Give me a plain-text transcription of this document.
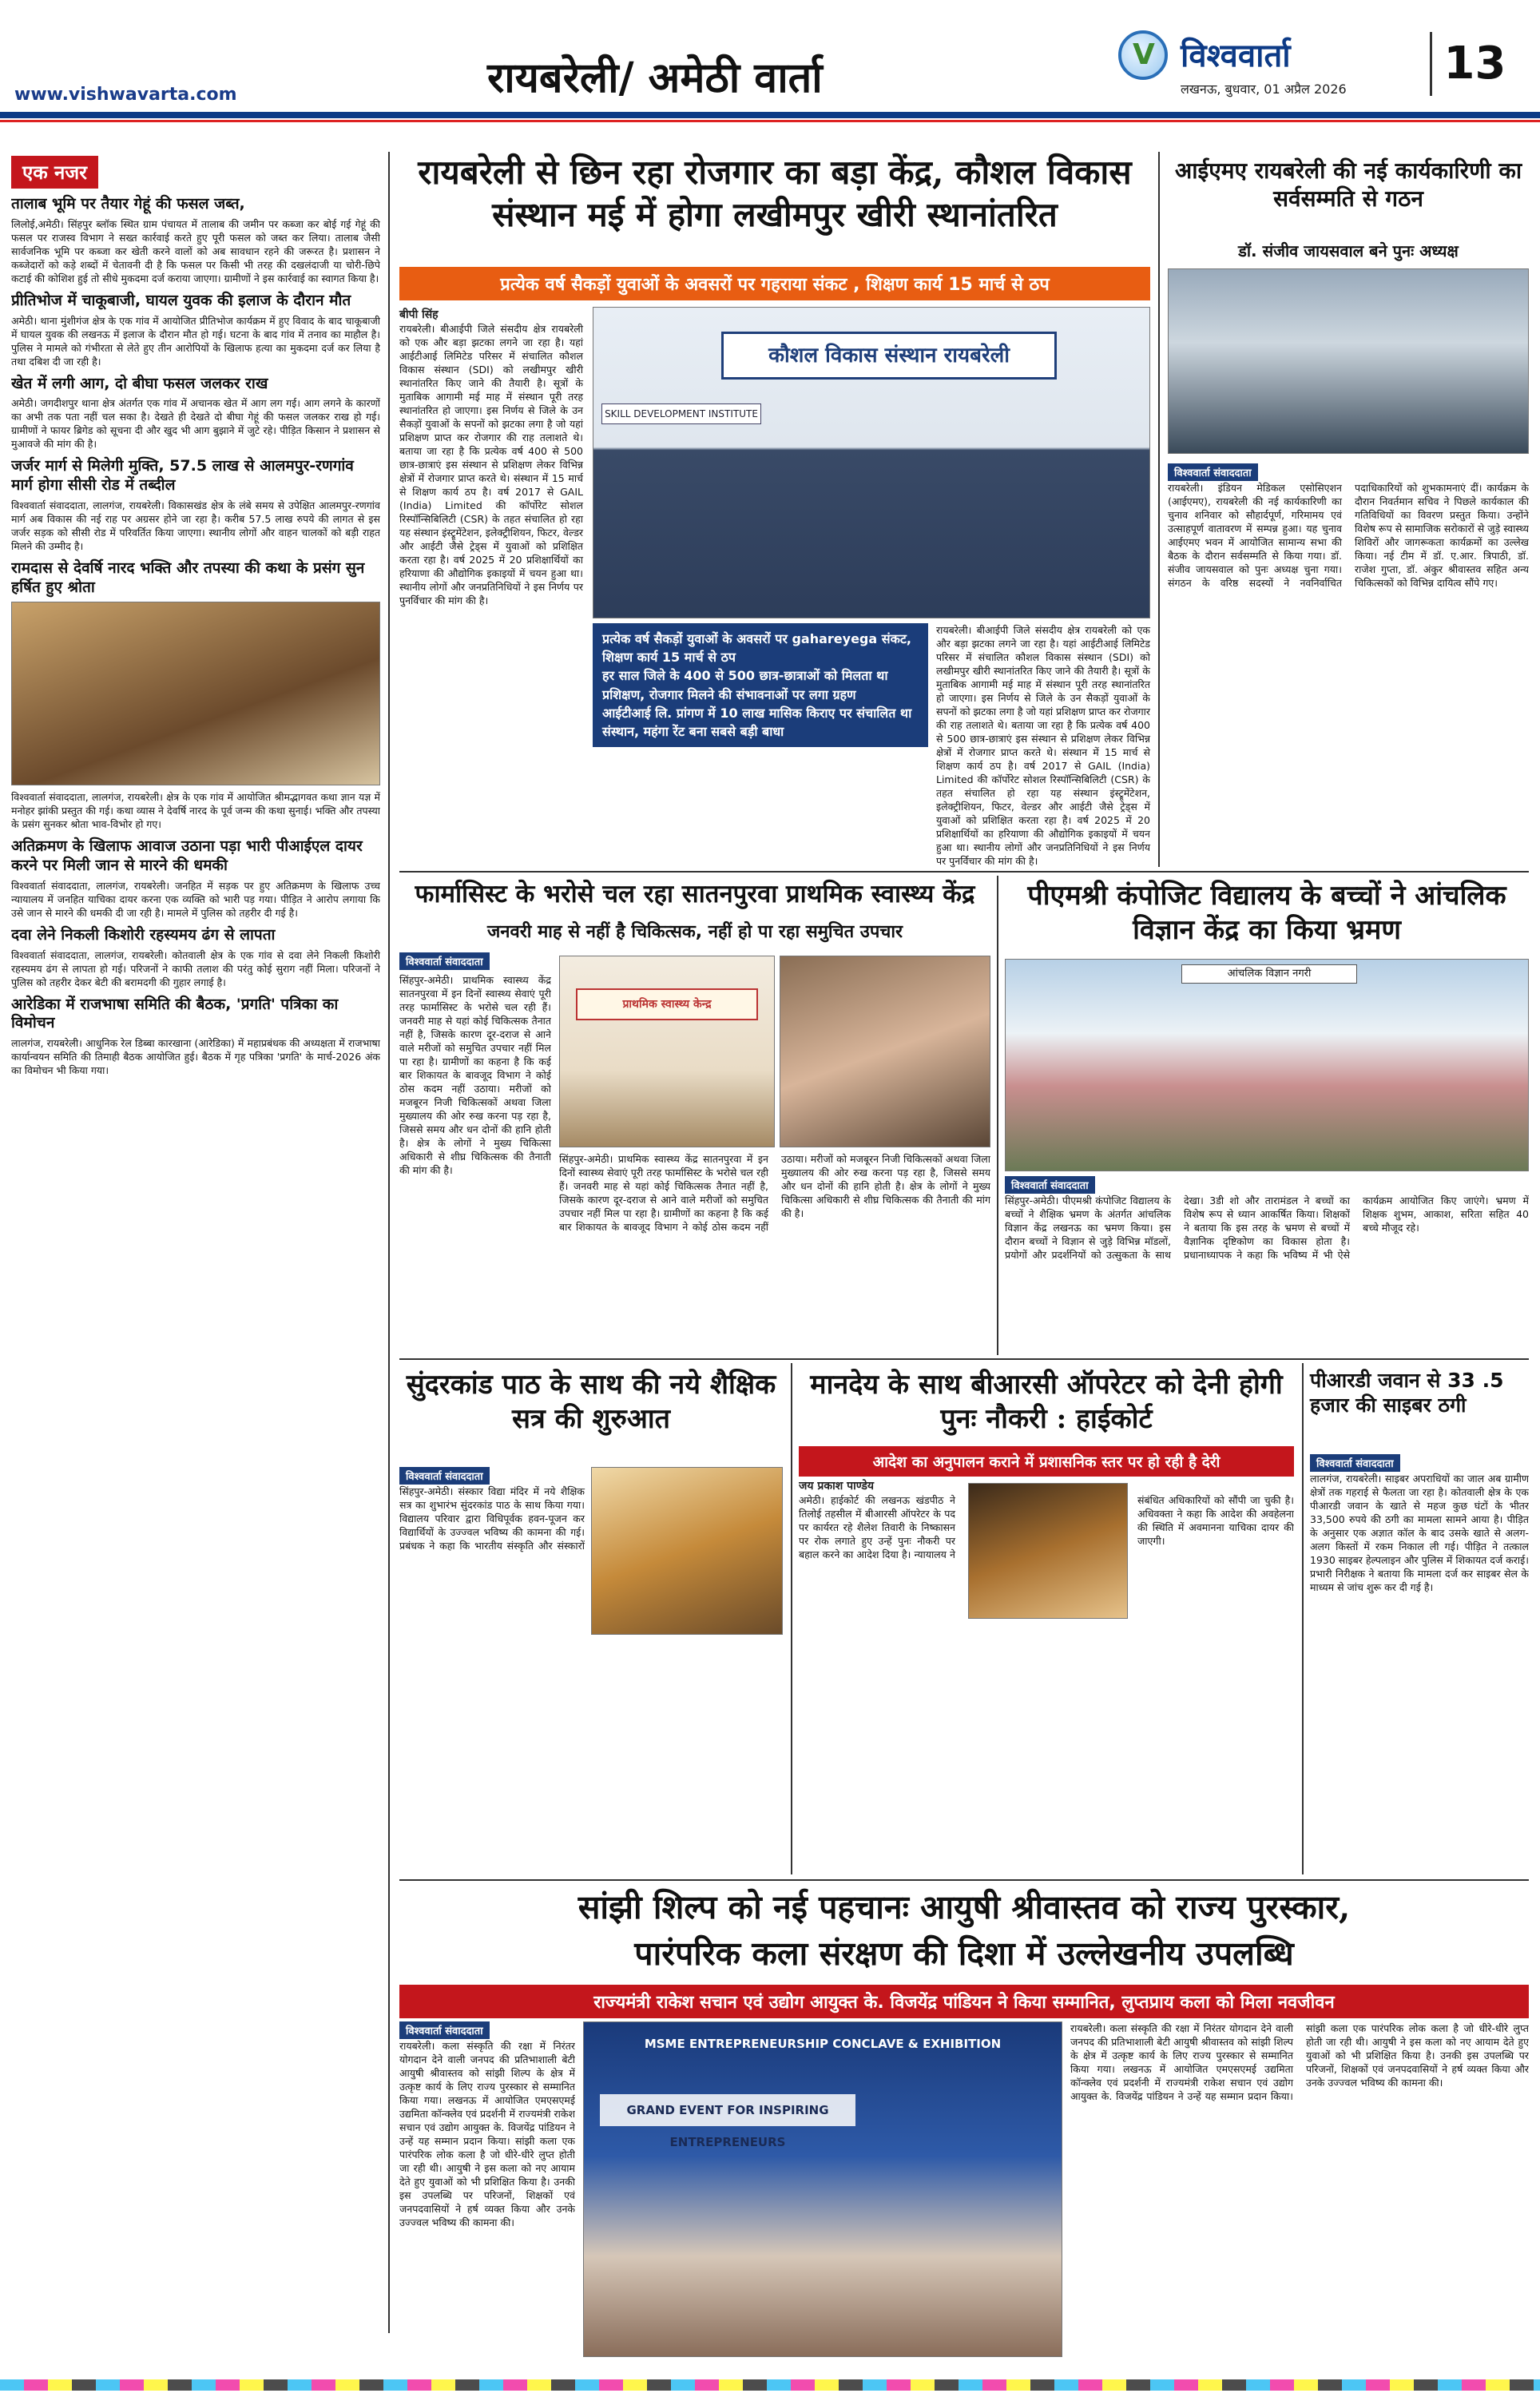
www.vishwavarta.com	रायबरेली/ अमेठी वार्ता	V विश्ववार्ता
लखनऊ, बुधवार, 01 अप्रैल 2026	13
एक नजर
तालाब भूमि पर तैयार गेहूं की फसल जब्त,

लिलोई,अमेठी। सिंहपुर ब्लॉक स्थित ग्राम पंचायत में तालाब की जमीन पर कब्जा कर बोई गई गेहूं की फसल पर राजस्व विभाग ने सख्त कार्रवाई करते हुए पूरी फसल को जब्त कर लिया। तालाब जैसी सार्वजनिक भूमि पर कब्जा कर खेती करने वालों को अब सावधान रहने की जरूरत है। प्रशासन ने कब्जेदारों को कड़े शब्दों में चेतावनी दी है कि फसल पर किसी भी तरह की दखलंदाजी या चोरी-छिपे कटाई की कोशिश हुई तो सीधे मुकदमा दर्ज कराया जाएगा। ग्रामीणों ने इस कार्रवाई का स्वागत किया है।

प्रीतिभोज में चाकूबाजी, घायल युवक की इलाज के दौरान मौत

अमेठी। थाना मुंशीगंज क्षेत्र के एक गांव में आयोजित प्रीतिभोज कार्यक्रम में हुए विवाद के बाद चाकूबाजी में घायल युवक की लखनऊ में इलाज के दौरान मौत हो गई। घटना के बाद गांव में तनाव का माहौल है। पुलिस ने मामले को गंभीरता से लेते हुए तीन आरोपियों के खिलाफ हत्या का मुकदमा दर्ज कर लिया है तथा दबिश दी जा रही है।

खेत में लगी आग, दो बीघा फसल जलकर राख

अमेठी। जगदीशपुर थाना क्षेत्र अंतर्गत एक गांव में अचानक खेत में आग लग गई। आग लगने के कारणों का अभी तक पता नहीं चल सका है। देखते ही देखते दो बीघा गेहूं की फसल जलकर राख हो गई। ग्रामीणों ने फायर ब्रिगेड को सूचना दी और खुद भी आग बुझाने में जुटे रहे। पीड़ित किसान ने प्रशासन से मुआवजे की मांग की है।

जर्जर मार्ग से मिलेगी मुक्ति, 57.5 लाख से आलमपुर-रणगांव मार्ग होगा सीसी रोड में तब्दील

विश्ववार्ता संवाददाता, लालगंज, रायबरेली। विकासखंड क्षेत्र के लंबे समय से उपेक्षित आलमपुर-रणगांव मार्ग अब विकास की नई राह पर अग्रसर होने जा रहा है। करीब 57.5 लाख रुपये की लागत से इस जर्जर सड़क को सीसी रोड में परिवर्तित किया जाएगा। स्थानीय लोगों और वाहन चालकों को बड़ी राहत मिलने की उम्मीद है।

रामदास से देवर्षि नारद भक्ति और तपस्या की कथा के प्रसंग सुन हर्षित हुए श्रोता

विश्ववार्ता संवाददाता, लालगंज, रायबरेली। क्षेत्र के एक गांव में आयोजित श्रीमद्भागवत कथा ज्ञान यज्ञ में मनोहर झांकी प्रस्तुत की गई। कथा व्यास ने देवर्षि नारद के पूर्व जन्म की कथा सुनाई। भक्ति और तपस्या के प्रसंग सुनकर श्रोता भाव-विभोर हो गए।

अतिक्रमण के खिलाफ आवाज उठाना पड़ा भारी पीआईएल दायर करने पर मिली जान से मारने की धमकी

विश्ववार्ता संवाददाता, लालगंज, रायबरेली। जनहित में सड़क पर हुए अतिक्रमण के खिलाफ उच्च न्यायालय में जनहित याचिका दायर करना एक व्यक्ति को भारी पड़ गया। पीड़ित ने आरोप लगाया कि उसे जान से मारने की धमकी दी जा रही है। मामले में पुलिस को तहरीर दी गई है।

दवा लेने निकली किशोरी रहस्यमय ढंग से लापता

विश्ववार्ता संवाददाता, लालगंज, रायबरेली। कोतवाली क्षेत्र के एक गांव से दवा लेने निकली किशोरी रहस्यमय ढंग से लापता हो गई। परिजनों ने काफी तलाश की परंतु कोई सुराग नहीं मिला। परिजनों ने पुलिस को तहरीर देकर बेटी की बरामदगी की गुहार लगाई है।

आरेडिका में राजभाषा समिति की बैठक, 'प्रगति' पत्रिका का विमोचन

लालगंज, रायबरेली। आधुनिक रेल डिब्बा कारखाना (आरेडिका) में महाप्रबंधक की अध्यक्षता में राजभाषा कार्यान्वयन समिति की तिमाही बैठक आयोजित हुई। बैठक में गृह पत्रिका 'प्रगति' के मार्च-2026 अंक का विमोचन भी किया गया।

रायबरेली से छिन रहा रोजगार का बड़ा केंद्र, कौशल विकास संस्थान मई में होगा लखीमपुर खीरी स्थानांतरित
प्रत्येक वर्ष सैकड़ों युवाओं के अवसरों पर गहराया संकट , शिक्षण कार्य 15 मार्च से ठप
बीपी सिंह

रायबरेली। बीआईपी जिले संसदीय क्षेत्र रायबरेली को एक और बड़ा झटका लगने जा रहा है। यहां आईटीआई लिमिटेड परिसर में संचालित कौशल विकास संस्थान (SDI) को लखीमपुर खीरी स्थानांतरित किए जाने की तैयारी है। सूत्रों के मुताबिक आगामी मई माह में संस्थान पूरी तरह स्थानांतरित हो जाएगा। इस निर्णय से जिले के उन सैकड़ों युवाओं के सपनों को झटका लगा है जो यहां प्रशिक्षण प्राप्त कर रोजगार की राह तलाशते थे। बताया जा रहा है कि प्रत्येक वर्ष 400 से 500 छात्र-छात्राएं इस संस्थान से प्रशिक्षण लेकर विभिन्न क्षेत्रों में रोजगार प्राप्त करते थे। संस्थान में 15 मार्च से शिक्षण कार्य ठप है। वर्ष 2017 से GAIL (India) Limited की कॉर्पोरेट सोशल रिस्पॉन्सिबिलिटी (CSR) के तहत संचालित हो रहा यह संस्थान इंस्ट्रूमेंटेशन, इलेक्ट्रीशियन, फिटर, वेल्डर और आईटी जैसे ट्रेड्स में युवाओं को प्रशिक्षित करता रहा है। वर्ष 2025 में 20 प्रशिक्षार्थियों का हरियाणा की औद्योगिक इकाइयों में चयन हुआ था। स्थानीय लोगों और जनप्रतिनिधियों ने इस निर्णय पर पुनर्विचार की मांग की है।

कौशल विकास संस्थान रायबरेली
SKILL DEVELOPMENT INSTITUTE
प्रत्येक वर्ष सैकड़ों युवाओं के अवसरों पर gahareyega संकट, शिक्षण कार्य 15 मार्च से ठप
हर साल जिले के 400 से 500 छात्र-छात्राओं को मिलता था प्रशिक्षण, रोजगार मिलने की संभावनाओं पर लगा ग्रहण
आईटीआई लि. प्रांगण में 10 लाख मासिक किराए पर संचालित था संस्थान, महंगा रेंट बना सबसे बड़ी बाधा

रायबरेली। बीआईपी जिले संसदीय क्षेत्र रायबरेली को एक और बड़ा झटका लगने जा रहा है। यहां आईटीआई लिमिटेड परिसर में संचालित कौशल विकास संस्थान (SDI) को लखीमपुर खीरी स्थानांतरित किए जाने की तैयारी है। सूत्रों के मुताबिक आगामी मई माह में संस्थान पूरी तरह स्थानांतरित हो जाएगा। इस निर्णय से जिले के उन सैकड़ों युवाओं के सपनों को झटका लगा है जो यहां प्रशिक्षण प्राप्त कर रोजगार की राह तलाशते थे। बताया जा रहा है कि प्रत्येक वर्ष 400 से 500 छात्र-छात्राएं इस संस्थान से प्रशिक्षण लेकर विभिन्न क्षेत्रों में रोजगार प्राप्त करते थे। संस्थान में 15 मार्च से शिक्षण कार्य ठप है। वर्ष 2017 से GAIL (India) Limited की कॉर्पोरेट सोशल रिस्पॉन्सिबिलिटी (CSR) के तहत संचालित हो रहा यह संस्थान इंस्ट्रूमेंटेशन, इलेक्ट्रीशियन, फिटर, वेल्डर और आईटी जैसे ट्रेड्स में युवाओं को प्रशिक्षित करता रहा है। वर्ष 2025 में 20 प्रशिक्षार्थियों का हरियाणा की औद्योगिक इकाइयों में चयन हुआ था। स्थानीय लोगों और जनप्रतिनिधियों ने इस निर्णय पर पुनर्विचार की मांग की है।

आईएमए रायबरेली की नई कार्यकारिणी का सर्वसम्मति से गठन
डॉ. संजीव जायसवाल बने पुनः अध्यक्ष
विश्ववार्ता संवाददाता

रायबरेली। इंडियन मेडिकल एसोसिएशन (आईएमए), रायबरेली की नई कार्यकारिणी का चुनाव शनिवार को सौहार्दपूर्ण, गरिमामय एवं उत्साहपूर्ण वातावरण में सम्पन्न हुआ। यह चुनाव आईएमए भवन में आयोजित सामान्य सभा की बैठक के दौरान सर्वसम्मति से किया गया। डॉ. संजीव जायसवाल को पुनः अध्यक्ष चुना गया। संगठन के वरिष्ठ सदस्यों ने नवनिर्वाचित पदाधिकारियों को शुभकामनाएं दीं। कार्यक्रम के दौरान निवर्तमान सचिव ने पिछले कार्यकाल की गतिविधियों का विवरण प्रस्तुत किया। उन्होंने विशेष रूप से सामाजिक सरोकारों से जुड़े स्वास्थ्य शिविरों और जागरूकता कार्यक्रमों का उल्लेख किया। नई टीम में डॉ. ए.आर. त्रिपाठी, डॉ. राजेश गुप्ता, डॉ. अंकुर श्रीवास्तव सहित अन्य चिकित्सकों को विभिन्न दायित्व सौंपे गए।

फार्मासिस्ट के भरोसे चल रहा सातनपुरवा प्राथमिक स्वास्थ्य केंद्र
जनवरी माह से नहीं है चिकित्सक, नहीं हो पा रहा समुचित उपचार
विश्ववार्ता संवाददाता
प्राथमिक स्वास्थ्य केन्द्र

सिंहपुर-अमेठी। प्राथमिक स्वास्थ्य केंद्र सातनपुरवा में इन दिनों स्वास्थ्य सेवाएं पूरी तरह फार्मासिस्ट के भरोसे चल रही हैं। जनवरी माह से यहां कोई चिकित्सक तैनात नहीं है, जिसके कारण दूर-दराज से आने वाले मरीजों को समुचित उपचार नहीं मिल पा रहा है। ग्रामीणों का कहना है कि कई बार शिकायत के बावजूद विभाग ने कोई ठोस कदम नहीं उठाया। मरीजों को मजबूरन निजी चिकित्सकों अथवा जिला मुख्यालय की ओर रुख करना पड़ रहा है, जिससे समय और धन दोनों की हानि होती है। क्षेत्र के लोगों ने मुख्य चिकित्सा अधिकारी से शीघ्र चिकित्सक की तैनाती की मांग की है।

सिंहपुर-अमेठी। प्राथमिक स्वास्थ्य केंद्र सातनपुरवा में इन दिनों स्वास्थ्य सेवाएं पूरी तरह फार्मासिस्ट के भरोसे चल रही हैं। जनवरी माह से यहां कोई चिकित्सक तैनात नहीं है, जिसके कारण दूर-दराज से आने वाले मरीजों को समुचित उपचार नहीं मिल पा रहा है। ग्रामीणों का कहना है कि कई बार शिकायत के बावजूद विभाग ने कोई ठोस कदम नहीं उठाया। मरीजों को मजबूरन निजी चिकित्सकों अथवा जिला मुख्यालय की ओर रुख करना पड़ रहा है, जिससे समय और धन दोनों की हानि होती है। क्षेत्र के लोगों ने मुख्य चिकित्सा अधिकारी से शीघ्र चिकित्सक की तैनाती की मांग की है।

पीएमश्री कंपोजिट विद्यालय के बच्चों ने आंचलिक विज्ञान केंद्र का किया भ्रमण
आंचलिक विज्ञान नगरी
विश्ववार्ता संवाददाता

सिंहपुर-अमेठी। पीएमश्री कंपोजिट विद्यालय के बच्चों ने शैक्षिक भ्रमण के अंतर्गत आंचलिक विज्ञान केंद्र लखनऊ का भ्रमण किया। इस दौरान बच्चों ने विज्ञान से जुड़े विभिन्न मॉडलों, प्रयोगों और प्रदर्शनियों को उत्सुकता के साथ देखा। 3डी शो और तारामंडल ने बच्चों का विशेष रूप से ध्यान आकर्षित किया। शिक्षकों ने बताया कि इस तरह के भ्रमण से बच्चों में वैज्ञानिक दृष्टिकोण का विकास होता है। प्रधानाध्यापक ने कहा कि भविष्य में भी ऐसे कार्यक्रम आयोजित किए जाएंगे। भ्रमण में शिक्षक शुभम, आकाश, सरिता सहित 40 बच्चे मौजूद रहे।

सुंदरकांड पाठ के साथ की नये शैक्षिक सत्र की शुरुआत
विश्ववार्ता संवाददाता

सिंहपुर-अमेठी। संस्कार विद्या मंदिर में नये शैक्षिक सत्र का शुभारंभ सुंदरकांड पाठ के साथ किया गया। विद्यालय परिवार द्वारा विधिपूर्वक हवन-पूजन कर विद्यार्थियों के उज्ज्वल भविष्य की कामना की गई। प्रबंधक ने कहा कि भारतीय संस्कृति और संस्कारों

मानदेय के साथ बीआरसी ऑपरेटर को देनी होगी पुनः नौकरी : हाईकोर्ट
आदेश का अनुपालन कराने में प्रशासनिक स्तर पर हो रही है देरी
जय प्रकाश पाण्डेय

अमेठी। हाईकोर्ट की लखनऊ खंडपीठ ने तिलोई तहसील में बीआरसी ऑपरेटर के पद पर कार्यरत रहे शैलेश तिवारी के निष्कासन पर रोक लगाते हुए उन्हें पुनः नौकरी पर बहाल करने का आदेश दिया है। न्यायालय ने संबंधित अधिकारियों को सौंपी जा चुकी है। अधिवक्ता ने कहा कि आदेश की अवहेलना की स्थिति में अवमानना याचिका दायर की जाएगी।

पीआरडी जवान से 33 .5 हजार की साइबर ठगी
विश्ववार्ता संवाददाता

लालगंज, रायबरेली। साइबर अपराधियों का जाल अब ग्रामीण क्षेत्रों तक गहराई से फैलता जा रहा है। कोतवाली क्षेत्र के एक पीआरडी जवान के खाते से महज कुछ घंटों के भीतर 33,500 रुपये की ठगी का मामला सामने आया है। पीड़ित के अनुसार एक अज्ञात कॉल के बाद उसके खाते से अलग-अलग किस्तों में रकम निकाल ली गई। पीड़ित ने तत्काल 1930 साइबर हेल्पलाइन और पुलिस में शिकायत दर्ज कराई। प्रभारी निरीक्षक ने बताया कि मामला दर्ज कर साइबर सेल के माध्यम से जांच शुरू कर दी गई है।

सांझी शिल्प को नई पहचानः आयुषी श्रीवास्तव को राज्य पुरस्कार,
पारंपरिक कला संरक्षण की दिशा में उल्लेखनीय उपलब्धि
राज्यमंत्री राकेश सचान एवं उद्योग आयुक्त के. विजयेंद्र पांडियन ने किया सम्मानित, लुप्तप्राय कला को मिला नवजीवन
विश्ववार्ता संवाददाता

रायबरेली। कला संस्कृति की रक्षा में निरंतर योगदान देने वाली जनपद की प्रतिभाशाली बेटी आयुषी श्रीवास्तव को सांझी शिल्प के क्षेत्र में उत्कृष्ट कार्य के लिए राज्य पुरस्कार से सम्मानित किया गया। लखनऊ में आयोजित एमएसएमई उद्यमिता कॉन्क्लेव एवं प्रदर्शनी में राज्यमंत्री राकेश सचान एवं उद्योग आयुक्त के. विजयेंद्र पांडियन ने उन्हें यह सम्मान प्रदान किया। सांझी कला एक पारंपरिक लोक कला है जो धीरे-धीरे लुप्त होती जा रही थी। आयुषी ने इस कला को नए आयाम देते हुए युवाओं को भी प्रशिक्षित किया है। उनकी इस उपलब्धि पर परिजनों, शिक्षकों एवं जनपदवासियों ने हर्ष व्यक्त किया और उनके उज्ज्वल भविष्य की कामना की।

MSME ENTREPRENEURSHIP CONCLAVE & EXHIBITION
GRAND EVENT FOR INSPIRING ENTREPRENEURS

रायबरेली। कला संस्कृति की रक्षा में निरंतर योगदान देने वाली जनपद की प्रतिभाशाली बेटी आयुषी श्रीवास्तव को सांझी शिल्प के क्षेत्र में उत्कृष्ट कार्य के लिए राज्य पुरस्कार से सम्मानित किया गया। लखनऊ में आयोजित एमएसएमई उद्यमिता कॉन्क्लेव एवं प्रदर्शनी में राज्यमंत्री राकेश सचान एवं उद्योग आयुक्त के. विजयेंद्र पांडियन ने उन्हें यह सम्मान प्रदान किया। सांझी कला एक पारंपरिक लोक कला है जो धीरे-धीरे लुप्त होती जा रही थी। आयुषी ने इस कला को नए आयाम देते हुए युवाओं को भी प्रशिक्षित किया है। उनकी इस उपलब्धि पर परिजनों, शिक्षकों एवं जनपदवासियों ने हर्ष व्यक्त किया और उनके उज्ज्वल भविष्य की कामना की।
